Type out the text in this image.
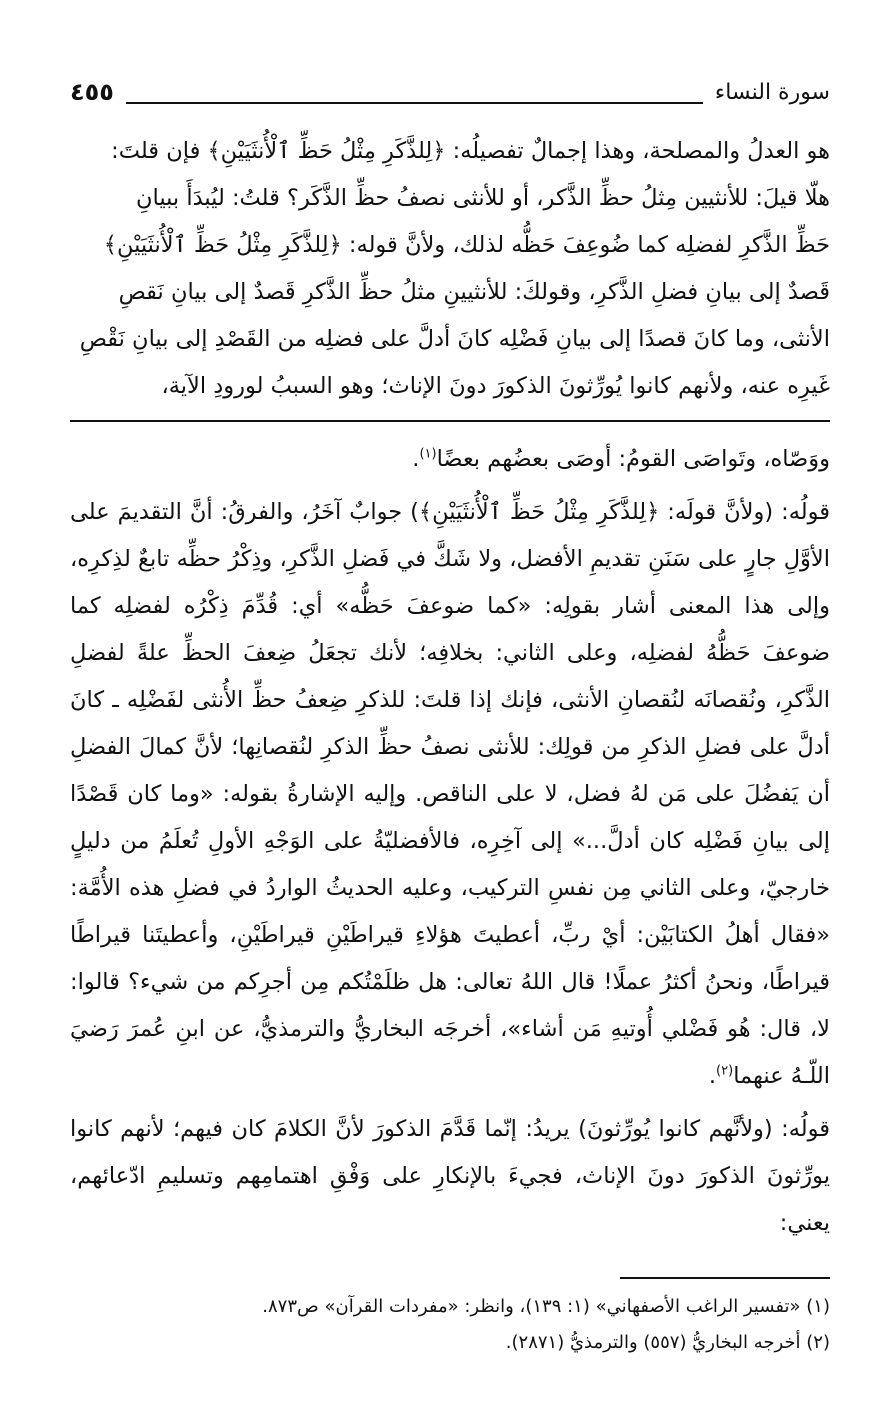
سورة النساء
٤٥٥
هو العدلُ والمصلحة، وهذا إجمالٌ تفصيلُه: ﴿لِلذَّكَرِ مِثْلُ حَظِّ ٱلْأُنثَيَيْنِ﴾ فإن قلتَ:
هلّا قيلَ: للأنثيين مِثلُ حظِّ الذَّكر، أو للأنثى نصفُ حظِّ الذَّكَر؟ قلتُ: ليُبدَأَ ببيانِ
حَظِّ الذَّكرِ لفضلِه كما ضُوعِفَ حَظُّه لذلك، ولأنَّ قوله: ﴿لِلذَّكَرِ مِثْلُ حَظِّ ٱلْأُنثَيَيْنِ﴾
قَصدٌ إلى بيانِ فضلِ الذَّكرِ، وقولكَ: للأنثيينِ مثلُ حظِّ الذَّكرِ قَصدٌ إلى بيانِ نَقصِ
الأنثى، وما كانَ قصدًا إلى بيانِ فَضْلِه كانَ أدلَّ على فضلِه من القَصْدِ إلى بيانِ نَقْصِ
غَيرِه عنه، ولأنهم كانوا يُورِّثونَ الذكورَ دونَ الإناث؛ وهو السببُ لورودِ الآية،

ووَصّاه، وتَواصَى القومُ: أوصَى بعضُهم بعضًا$^{(١)}$.

قولُه: (ولأنَّ قولَه: ﴿لِلذَّكَرِ مِثْلُ حَظِّ ٱلْأُنثَيَيْنِ﴾) جوابٌ آخَرُ، والفرقُ: أنَّ التقديمَ على الأوَّلِ جارٍ على سَنَنِ تقديمِ الأفضل، ولا شَكَّ في فَضلِ الذَّكرِ، وذِكْرُ حظِّه تابعٌ لذِكرِه، وإلى هذا المعنى أشار بقولِه: «كما ضوعفَ حَظُّه» أي: قُدِّمَ ذِكْرُه لفضلِه كما ضوعفَ حَظُّهُ لفضلِه، وعلى الثاني: بخلافِه؛ لأنك تجعَلُ ضِعفَ الحظِّ علةً لفضلِ الذَّكرِ، ونُقصانَه لنُقصانِ الأنثى، فإنك إذا قلتَ: للذكرِ ضِعفُ حظِّ الأُنثى لفَضْلِه ـ كانَ أدلَّ على فضلِ الذكرِ من قولِك: للأنثى نصفُ حظِّ الذكرِ لنُقصانِها؛ لأنَّ كمالَ الفضلِ أن يَفضُلَ على مَن لهُ فضل، لا على الناقص. وإليه الإشارةُ بقوله: «وما كان قَصْدًا إلى بيانِ فَضْلِه كان أدلَّ...» إلى آخِرِه، فالأفضليّةُ على الوَجْهِ الأولِ تُعلَمُ من دليلٍ خارجيّ، وعلى الثاني مِن نفسِ التركيب، وعليه الحديثُ الواردُ في فضلِ هذه الأُمَّة: «فقال أهلُ الكتابَيْن: أيْ ربِّ، أعطيتَ هؤلاءِ قيراطَيْنِ قيراطَيْنِ، وأعطيتَنا قيراطًا قيراطًا، ونحنُ أكثرُ عملًا! قال اللهُ تعالى: هل ظلَمْتُكم مِن أجرِكم من شيء؟ قالوا: لا، قال: هُو فَضْلي أُوتيهِ مَن أشاء»، أخرجَه البخاريُّ والترمذيُّ، عن ابنِ عُمرَ رَضيَ اللّـهُ عنهما$^{(٢)}$.

قولُه: (ولأنَّهم كانوا يُورِّثونَ) يريدُ: إنّما قَدَّمَ الذكورَ لأنَّ الكلامَ كان فيهم؛ لأنهم كانوا يورِّثونَ الذكورَ دونَ الإناث، فجيءَ بالإنكارِ على وَفْقِ اهتمامِهم وتسليمِ ادّعائهم، يعني:

(١) «تفسير الراغب الأصفهاني» (١: ١٣٩)، وانظر: «مفردات القرآن» ص٨٧٣.
(٢) أخرجه البخاريُّ (٥٥٧) والترمذيُّ (٢٨٧١).
